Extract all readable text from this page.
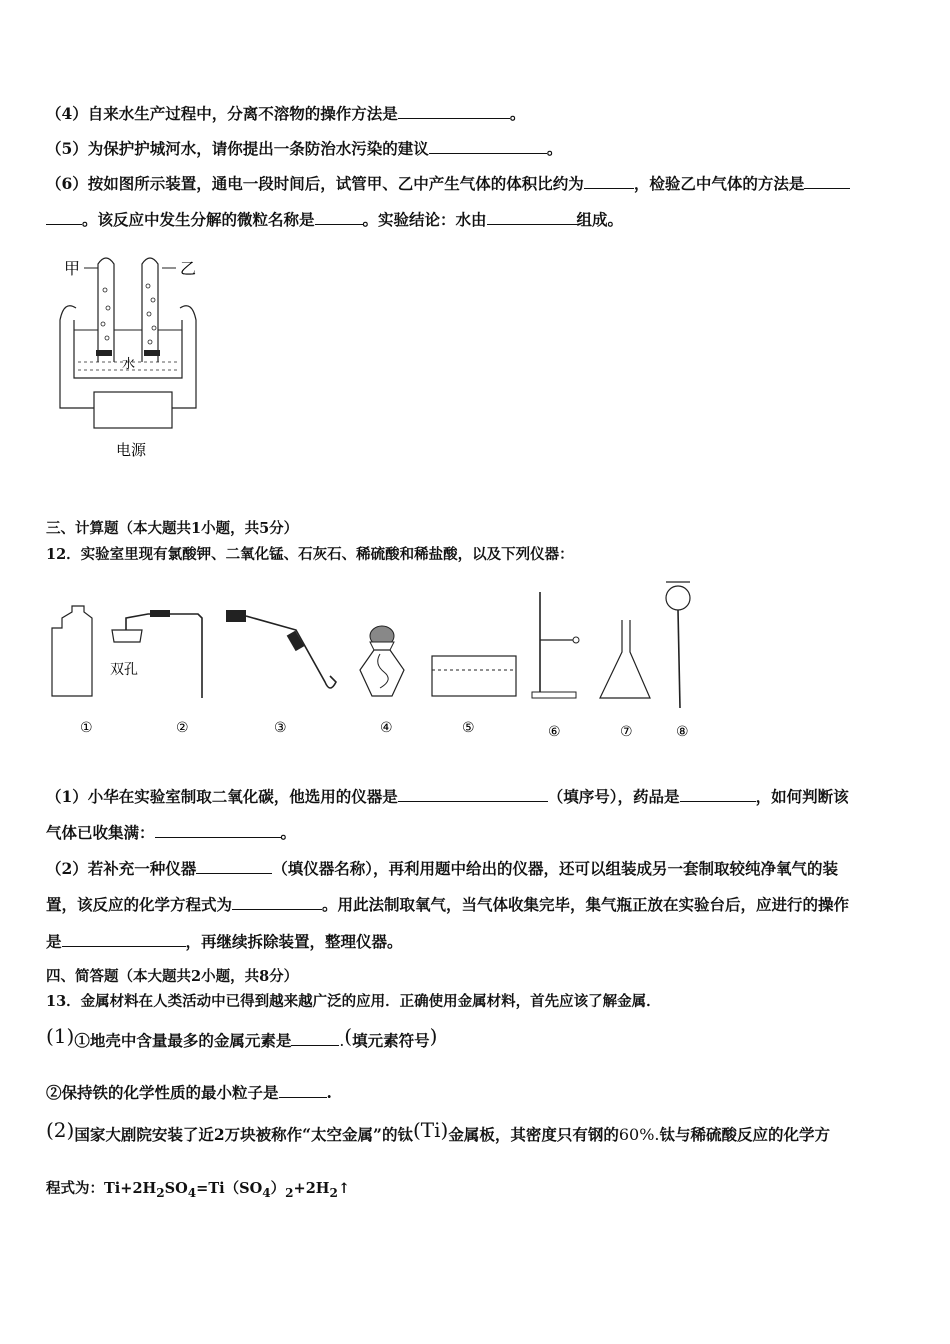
（4）自来水生产过程中，分离不溶物的操作方法是	。
（5）为保护护城河水，请你提出一条防治水污染的建议	。
（6）按如图所示装置，通电一段时间后，试管甲、乙中产生气体的体积比约为	，检验乙中气体的方法是
。该反应中发生分解的微粒名称是	。实验结论：水由	组成。
甲	乙
水
电源
三、计算题（本大题共1小题，共5分）
12．实验室里现有氯酸钾、二氧化锰、石灰石、稀硫酸和稀盐酸，以及下列仪器：
双孔
①	②	③	④	⑤	⑥	⑦	⑧
（1）小华在实验室制取二氧化碳，他选用的仪器是	（填序号），药品是	，如何判断该
气体已收集满：	。
（2）若补充一种仪器	（填仪器名称），再利用题中给出的仪器，还可以组装成另一套制取较纯净氧气的装
置，该反应的化学方程式为	。用此法制取氧气，当气体收集完毕，集气瓶正放在实验台后，应进行的操作
是	，再继续拆除装置，整理仪器。
四、简答题（本大题共2小题，共8分）
13．金属材料在人类活动中已得到越来越广泛的应用．正确使用金属材料，首先应该了解金属．
(1)①地壳中含量最多的金属元素是	.(填元素符号)
②保持铁的化学性质的最小粒子是	.
(2)国家大剧院安装了近2万块被称作“太空金属”的钛(Ti)金属板，其密度只有钢的60%.钛与稀硫酸反应的化学方
程式为：$Ti+2H_2SO_4=Ti(SO_4)_2+2H_2↑$
